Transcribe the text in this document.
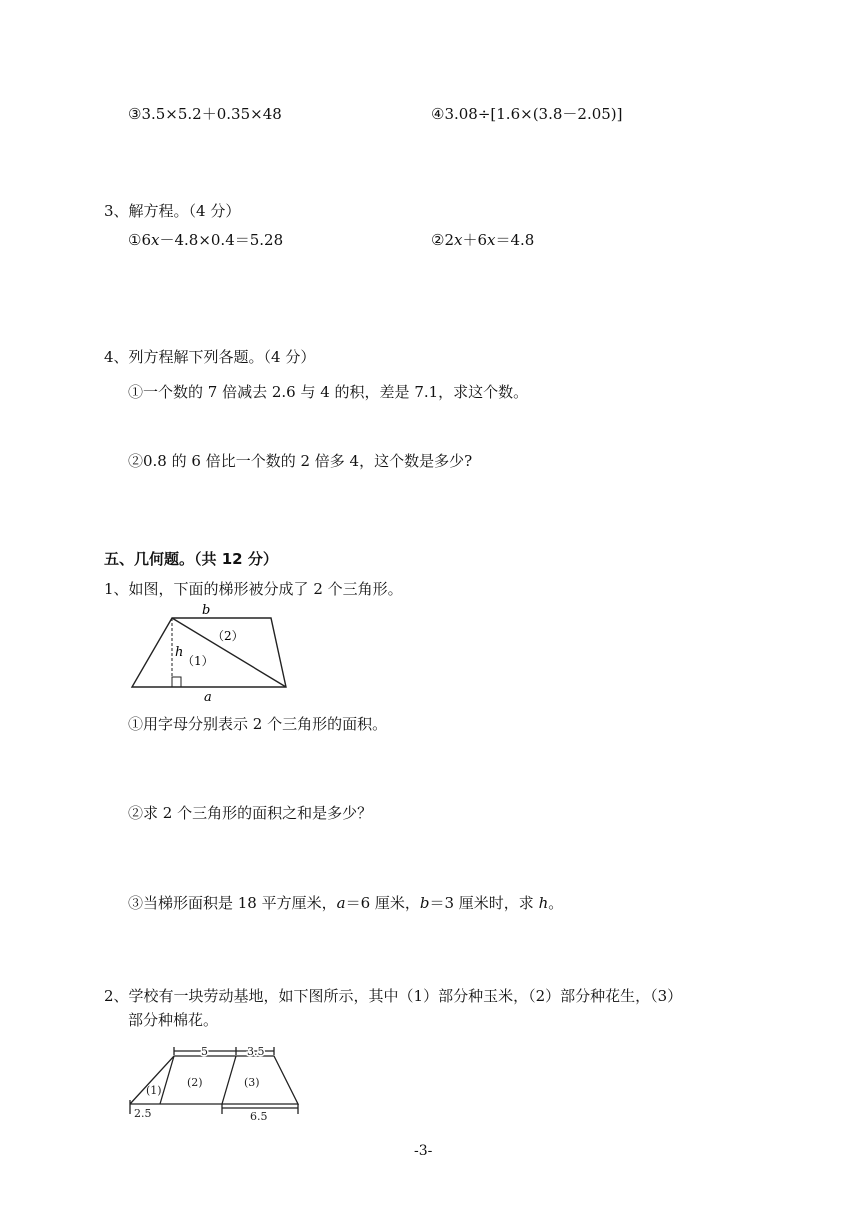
③3.5×5.2＋0.35×48	④3.08÷[1.6×(3.8－2.05)]
3、解方程。（4 分）
①6x－4.8×0.4＝5.28	②2x＋6x＝4.8
4、列方程解下列各题。（4 分）
①一个数的 7 倍减去 2.6 与 4 的积，差是 7.1，求这个数。
②0.8 的 6 倍比一个数的 2 倍多 4，这个数是多少?
五、几何题。（共 12 分）
1、如图，下面的梯形被分成了 2 个三角形。
b
h
a
（1）
（2）
①用字母分别表示 2 个三角形的面积。
②求 2 个三角形的面积之和是多少？
③当梯形面积是 18 平方厘米，a＝6 厘米，b＝3 厘米时，求 h。
2、学校有一块劳动基地，如下图所示，其中（1）部分种玉米，（2）部分种花生，（3）
部分种棉花。
5	3.5
2.5	6.5
(1)
(2)	(3)
-3-
